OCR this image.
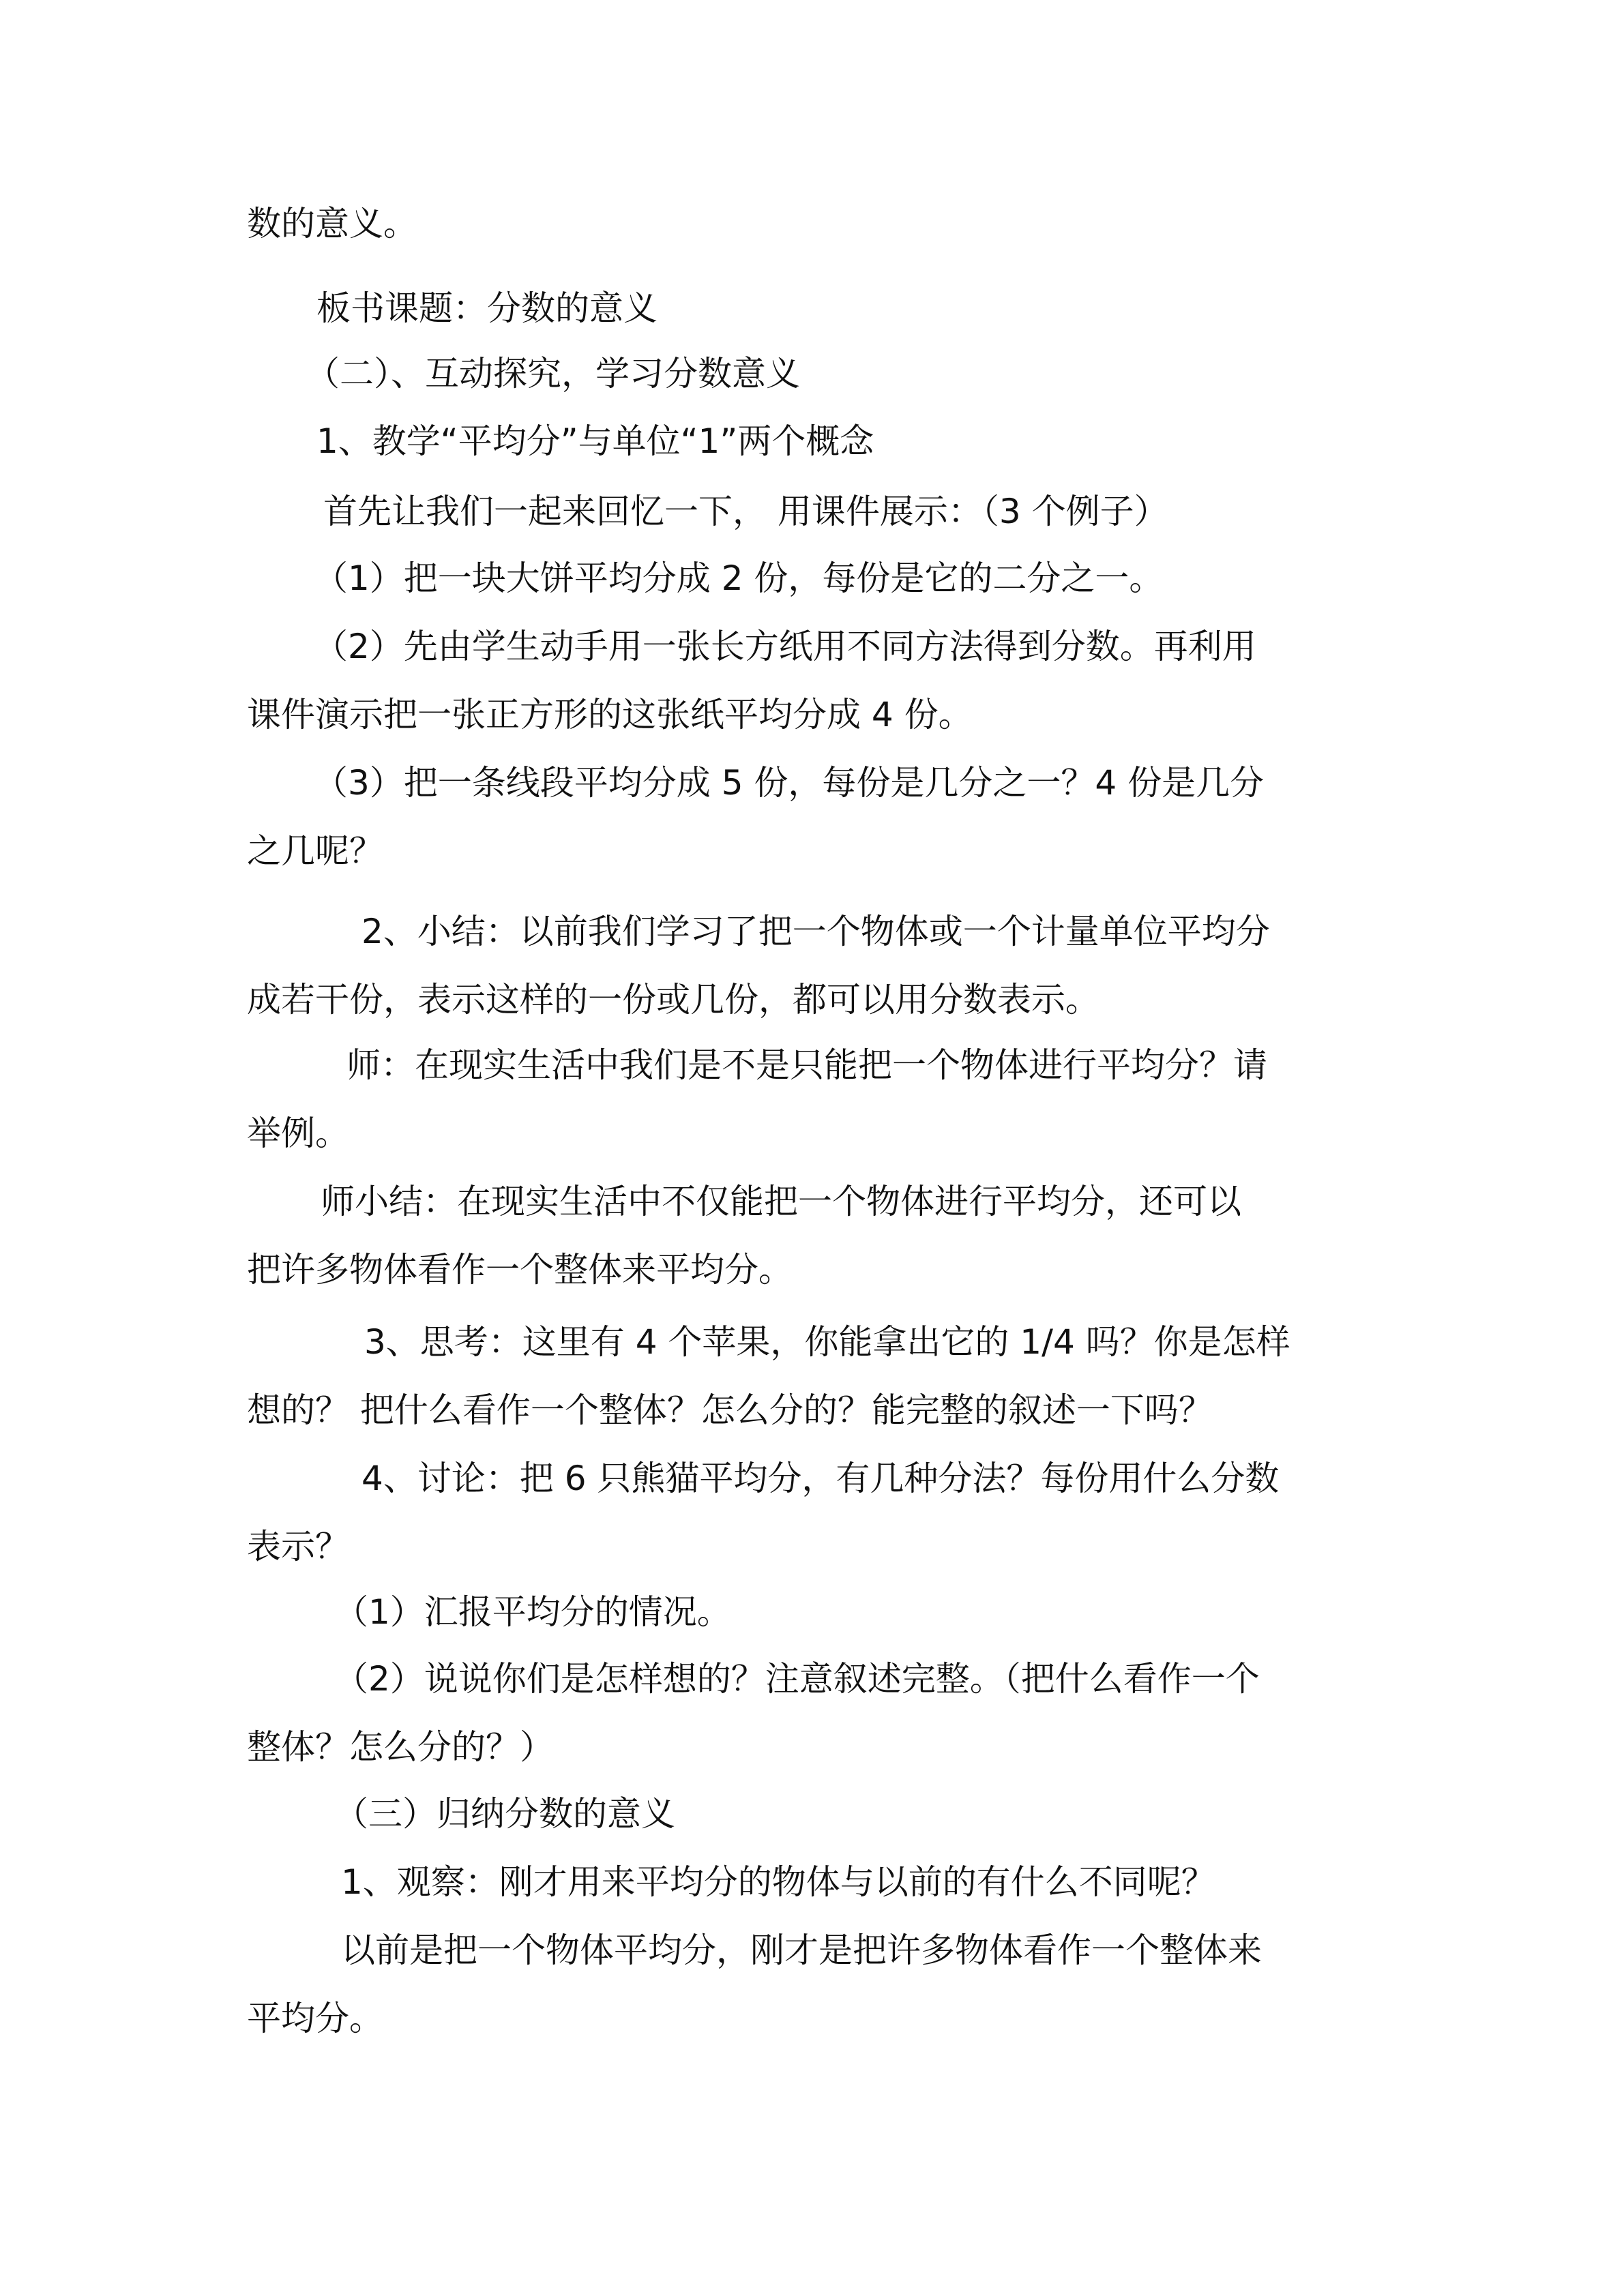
数的意义。
板书课题：分数的意义
（二）、互动探究，学习分数意义
1、教学“平均分”与单位“1”两个概念
首先让我们一起来回忆一下， 用课件展示：（3 个例子）
（1）把一块大饼平均分成 2 份，每份是它的二分之一。
（2）先由学生动手用一张长方纸用不同方法得到分数。再利用
课件演示把一张正方形的这张纸平均分成 4 份。
（3）把一条线段平均分成 5 份，每份是几分之一？4 份是几分
之几呢？
2、小结：以前我们学习了把一个物体或一个计量单位平均分
成若干份，表示这样的一份或几份，都可以用分数表示。
师：在现实生活中我们是不是只能把一个物体进行平均分？请
举例。
师小结：在现实生活中不仅能把一个物体进行平均分，还可以
把许多物体看作一个整体来平均分。
3、思考：这里有 4 个苹果，你能拿出它的 1/4 吗？你是怎样
想的？ 把什么看作一个整体？怎么分的？能完整的叙述一下吗？
4、讨论：把 6 只熊猫平均分，有几种分法？每份用什么分数
表示？
（1）汇报平均分的情况。
（2）说说你们是怎样想的？注意叙述完整。（把什么看作一个
整体？怎么分的？）
（三）归纳分数的意义
1、观察：刚才用来平均分的物体与以前的有什么不同呢？
以前是把一个物体平均分，刚才是把许多物体看作一个整体来
平均分。
